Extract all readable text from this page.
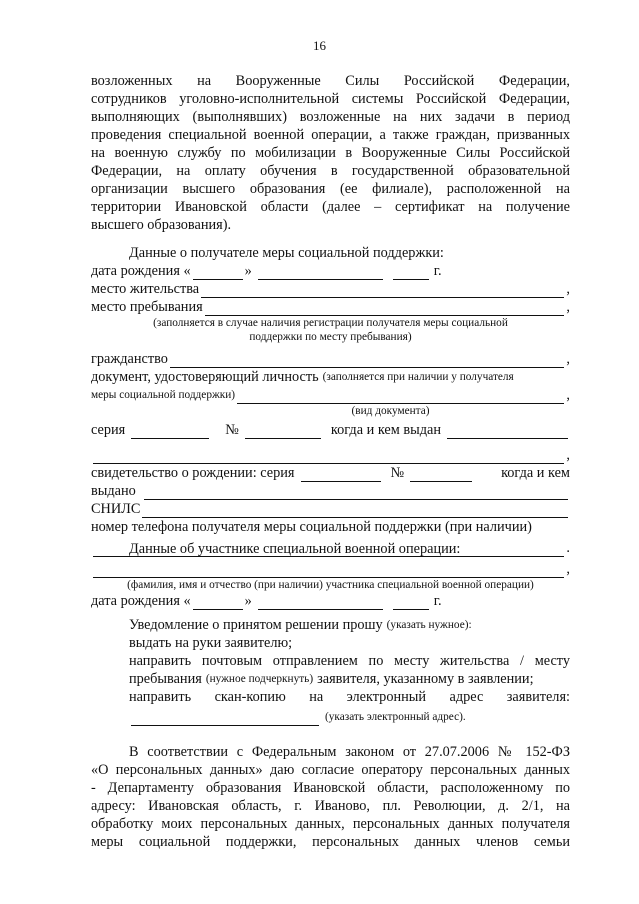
16
возложенных на Вооруженные Силы Российской Федерации,
сотрудников уголовно-исполнительной системы Российской Федерации,
выполняющих (выполнявших) возложенные на них задачи в период
проведения специальной военной операции, а также граждан, призванных
на военную службу по мобилизации в Вооруженные Силы Российской
Федерации, на оплату обучения в государственной образовательной
организации высшего образования (ее филиале), расположенной на
территории Ивановской области (далее – сертификат на получение
высшего образования).
Данные о получателе меры социальной поддержки:
дата рождения «	»	г.
место жительства	,
место пребывания	,
(заполняется в случае наличия регистрации получателя меры социальной
поддержки по месту пребывания)
гражданство	,
документ, удостоверяющий личность (заполняется при наличии у получателя
меры социальной поддержки)	,
(вид документа)
серия	№	когда и кем выдан
,
свидетельство о рождении: серия	№	когда и кем
выдано
СНИЛС
номер телефона получателя меры социальной поддержки (при наличии)
.
Данные об участнике специальной военной операции:
,
(фамилия, имя и отчество (при наличии) участника специальной военной операции)
дата рождения «	»	г.
Уведомление о принятом решении прошу (указать нужное):
выдать на руки заявителю;
направить почтовым отправлением по месту жительства / месту
пребывания (нужное подчеркнуть) заявителя, указанному в заявлении;
направить скан-копию на электронный адрес заявителя:
(указать электронный адрес).
В соответствии с Федеральным законом от 27.07.2006 № 152-ФЗ
«О персональных данных» даю согласие оператору персональных данных
- Департаменту образования Ивановской области, расположенному по
адресу: Ивановская область, г. Иваново, пл. Революции, д. 2/1, на
обработку моих персональных данных, персональных данных получателя
меры социальной поддержки, персональных данных членов семьи
